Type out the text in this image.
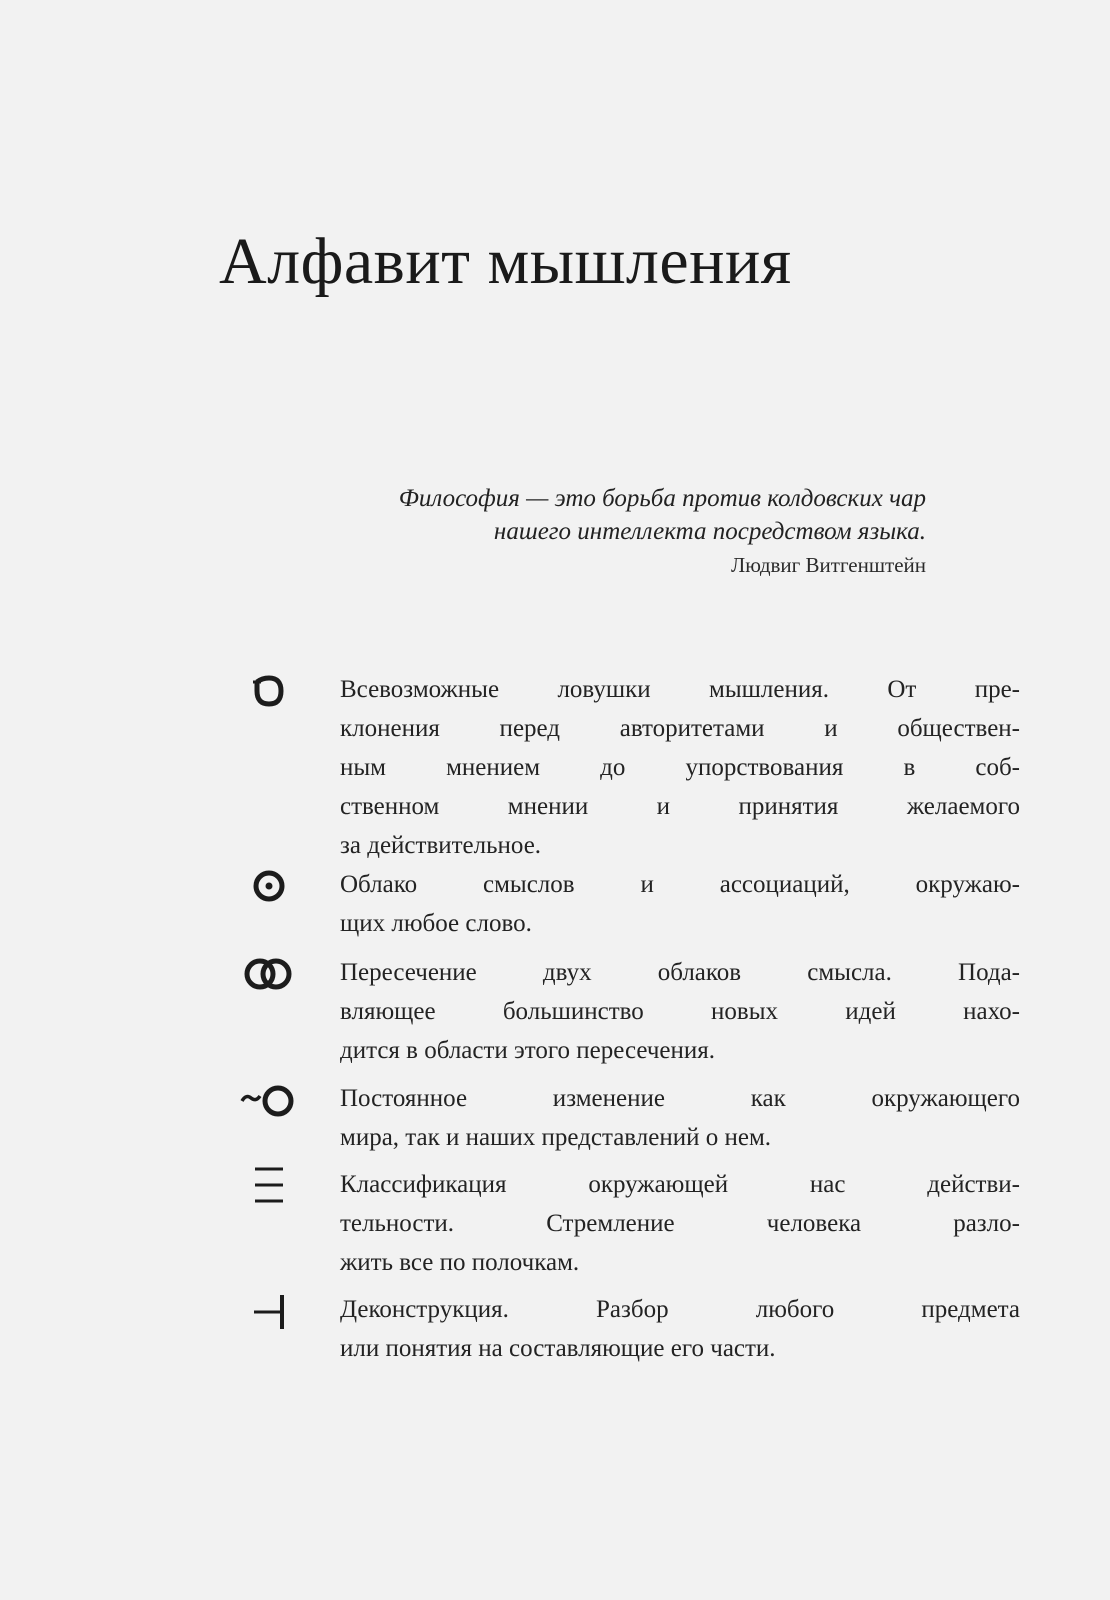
Алфавит мышления

Философия — это борьба против колдовских чар
нашего интеллекта посредством языка.

Людвиг Витгенштейн

Всевозможные ловушки мышления. От пре-
клонения перед авторитетами и обществен-
ным мнением до упорствования в соб-
ственном мнении и принятия желаемого
за действительное.

Облако смыслов и ассоциаций, окружаю-
щих любое слово.

Пересечение двух облаков смысла. Пода-
вляющее большинство новых идей нахо-
дится в области этого пересечения.

Постоянное изменение как окружающего
мира, так и наших представлений о нем.

Классификация окружающей нас действи-
тельности. Стремление человека разло-
жить все по полочкам.

Деконструкция. Разбор любого предмета
или понятия на составляющие его части.
